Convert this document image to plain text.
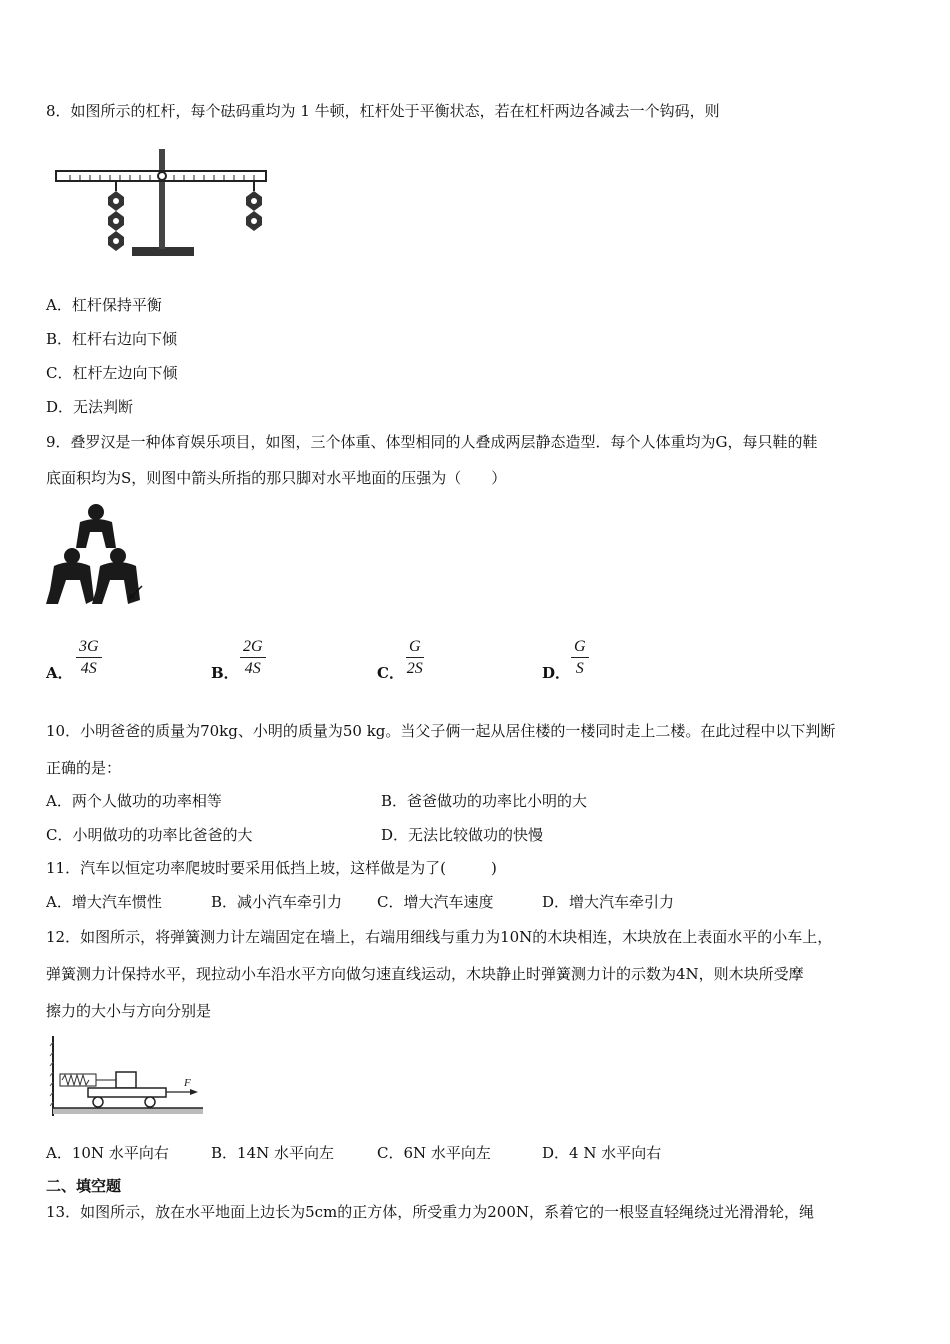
8．如图所示的杠杆，每个砝码重均为 1 牛顿，杠杆处于平衡状态，若在杠杆两边各减去一个钩码，则
A．杠杆保持平衡
B．杠杆右边向下倾
C．杠杆左边向下倾
D．无法判断
9．叠罗汉是一种体育娱乐项目，如图，三个体重、体型相同的人叠成两层静态造型．每个人体重均为G，每只鞋的鞋
底面积均为S，则图中箭头所指的那只脚对水平地面的压强为（　　）
A． $\frac{3G}{4S}$	B． $\frac{2G}{4S}$	C． $\frac{G}{2S}$	D． $\frac{G}{S}$
10．小明爸爸的质量为70kg、小明的质量为50 kg。当父子俩一起从居住楼的一楼同时走上二楼。在此过程中以下判断
正确的是：
A．两个人做功的功率相等	B．爸爸做功的功率比小明的大
C．小明做功的功率比爸爸的大	D．无法比较做功的快慢
11．汽车以恒定功率爬坡时要采用低挡上坡，这样做是为了(　　　)
A．增大汽车惯性	B．减小汽车牵引力 C．增大汽车速度	D．增大汽车牵引力
12．如图所示，将弹簧测力计左端固定在墙上，右端用细线与重力为10N的木块相连，木块放在上表面水平的小车上，
弹簧测力计保持水平，现拉动小车沿水平方向做匀速直线运动，木块静止时弹簧测力计的示数为4N，则木块所受摩
擦力的大小与方向分别是
F
A．10N 水平向右	B．14N 水平向左	C．6N 水平向左	D．4 N 水平向右
二、填空题
13．如图所示，放在水平地面上边长为5cm的正方体，所受重力为200N，系着它的一根竖直轻绳绕过光滑滑轮，绳
